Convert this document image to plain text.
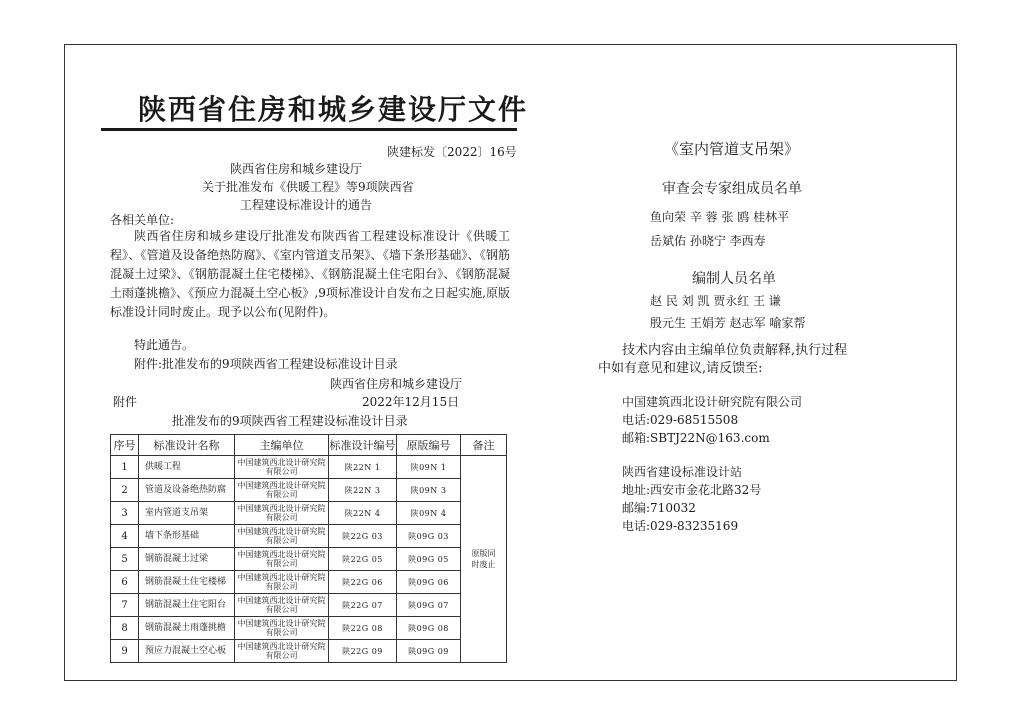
陕西省住房和城乡建设厅文件
陕建标发〔2022〕16号
陕西省住房和城乡建设厅
关于批准发布《供暖工程》等9项陕西省
工程建设标准设计的通告
各相关单位:
陕西省住房和城乡建设厅批准发布陕西省工程建设标准设计《供暖工程》、《管道及设备绝热防腐》、《室内管道支吊架》、《墙下条形基础》、《钢筋混凝土过梁》、《钢筋混凝土住宅楼梯》、《钢筋混凝土住宅阳台》、《钢筋混凝土雨蓬挑檐》、《预应力混凝土空心板》,9项标准设计自发布之日起实施,原版标准设计同时废止。现予以公布(见附件)。
特此通告。
附件:批准发布的9项陕西省工程建设标准设计目录
陕西省住房和城乡建设厅
附件	2022年12月15日
批准发布的9项陕西省工程建设标准设计目录
序号	标准设计名称	主编单位	标准设计编号	原版编号	备注
1	供暖工程	中国建筑西北设计研究院有限公司	陕22N 1	陕09N 1	原版同
时废止
2	管道及设备绝热防腐	中国建筑西北设计研究院有限公司	陕22N 3	陕09N 3	
3	室内管道支吊架	中国建筑西北设计研究院有限公司	陕22N 4	陕09N 4	
4	墙下条形基础	中国建筑西北设计研究院有限公司	陕22G 03	陕09G 03	
5	钢筋混凝土过梁	中国建筑西北设计研究院有限公司	陕22G 05	陕09G 05	
6	钢筋混凝土住宅楼梯	中国建筑西北设计研究院有限公司	陕22G 06	陕09G 06	
7	钢筋混凝土住宅阳台	中国建筑西北设计研究院有限公司	陕22G 07	陕09G 07	
8	钢筋混凝土雨蓬挑檐	中国建筑西北设计研究院有限公司	陕22G 08	陕09G 08	
9	预应力混凝土空心板	中国建筑西北设计研究院有限公司	陕22G 09	陕09G 09	
《室内管道支吊架》
审查会专家组成员名单
鱼向荣 辛 蓉 张 鸥 桂林平
岳斌佑 孙晓宁 李西寿
编制人员名单
赵 民 刘 凯 贾永红 王 谦
殷元生 王娟芳 赵志军 喻家帮
技术内容由主编单位负责解释,执行过程
中如有意见和建议,请反馈至:
中国建筑西北设计研究院有限公司
电话:029-68515508
邮箱:SBTJ22N@163.com
陕西省建设标准设计站
地址:西安市金花北路32号
邮编:710032
电话:029-83235169
